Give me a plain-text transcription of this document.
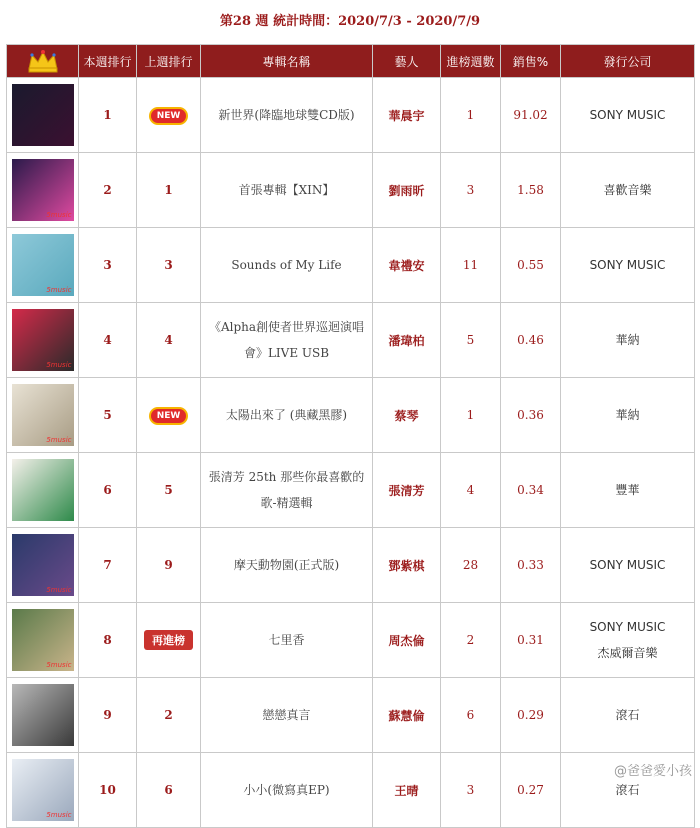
第28 週 統計時間：2020/7/3 - 2020/7/9
	本週排行	上週排行	專輯名稱	藝人	進榜週數	銷售%	發行公司

	1	NEW	新世界(降臨地球雙CD版)	華晨宇	1	91.02	SONY MUSIC

5music	2	1	首張專輯【XIN】	劉雨昕	3	1.58	喜歡音樂

5music	3	3	Sounds of My Life	韋禮安	11	0.55	SONY MUSIC

5music	4	4	《Alpha創使者世界巡迴演唱
會》LIVE USB	潘瑋柏	5	0.46	華納

5music	5	NEW	太陽出來了 (典藏黑膠)	蔡琴	1	0.36	華納

	6	5	張清芳 25th 那些你最喜歡的
歌-精選輯	張清芳	4	0.34	豐華

5music	7	9	摩天動物園(正式版)	鄧紫棋	28	0.33	SONY MUSIC

5music	8	再進榜	七里香	周杰倫	2	0.31	SONY MUSIC
杰威爾音樂

	9	2	戀戀真言	蘇慧倫	6	0.29	滾石

5music	10	6	小小(微寫真EP)	王晴	3	0.27	滾石
@爸爸愛小孩
